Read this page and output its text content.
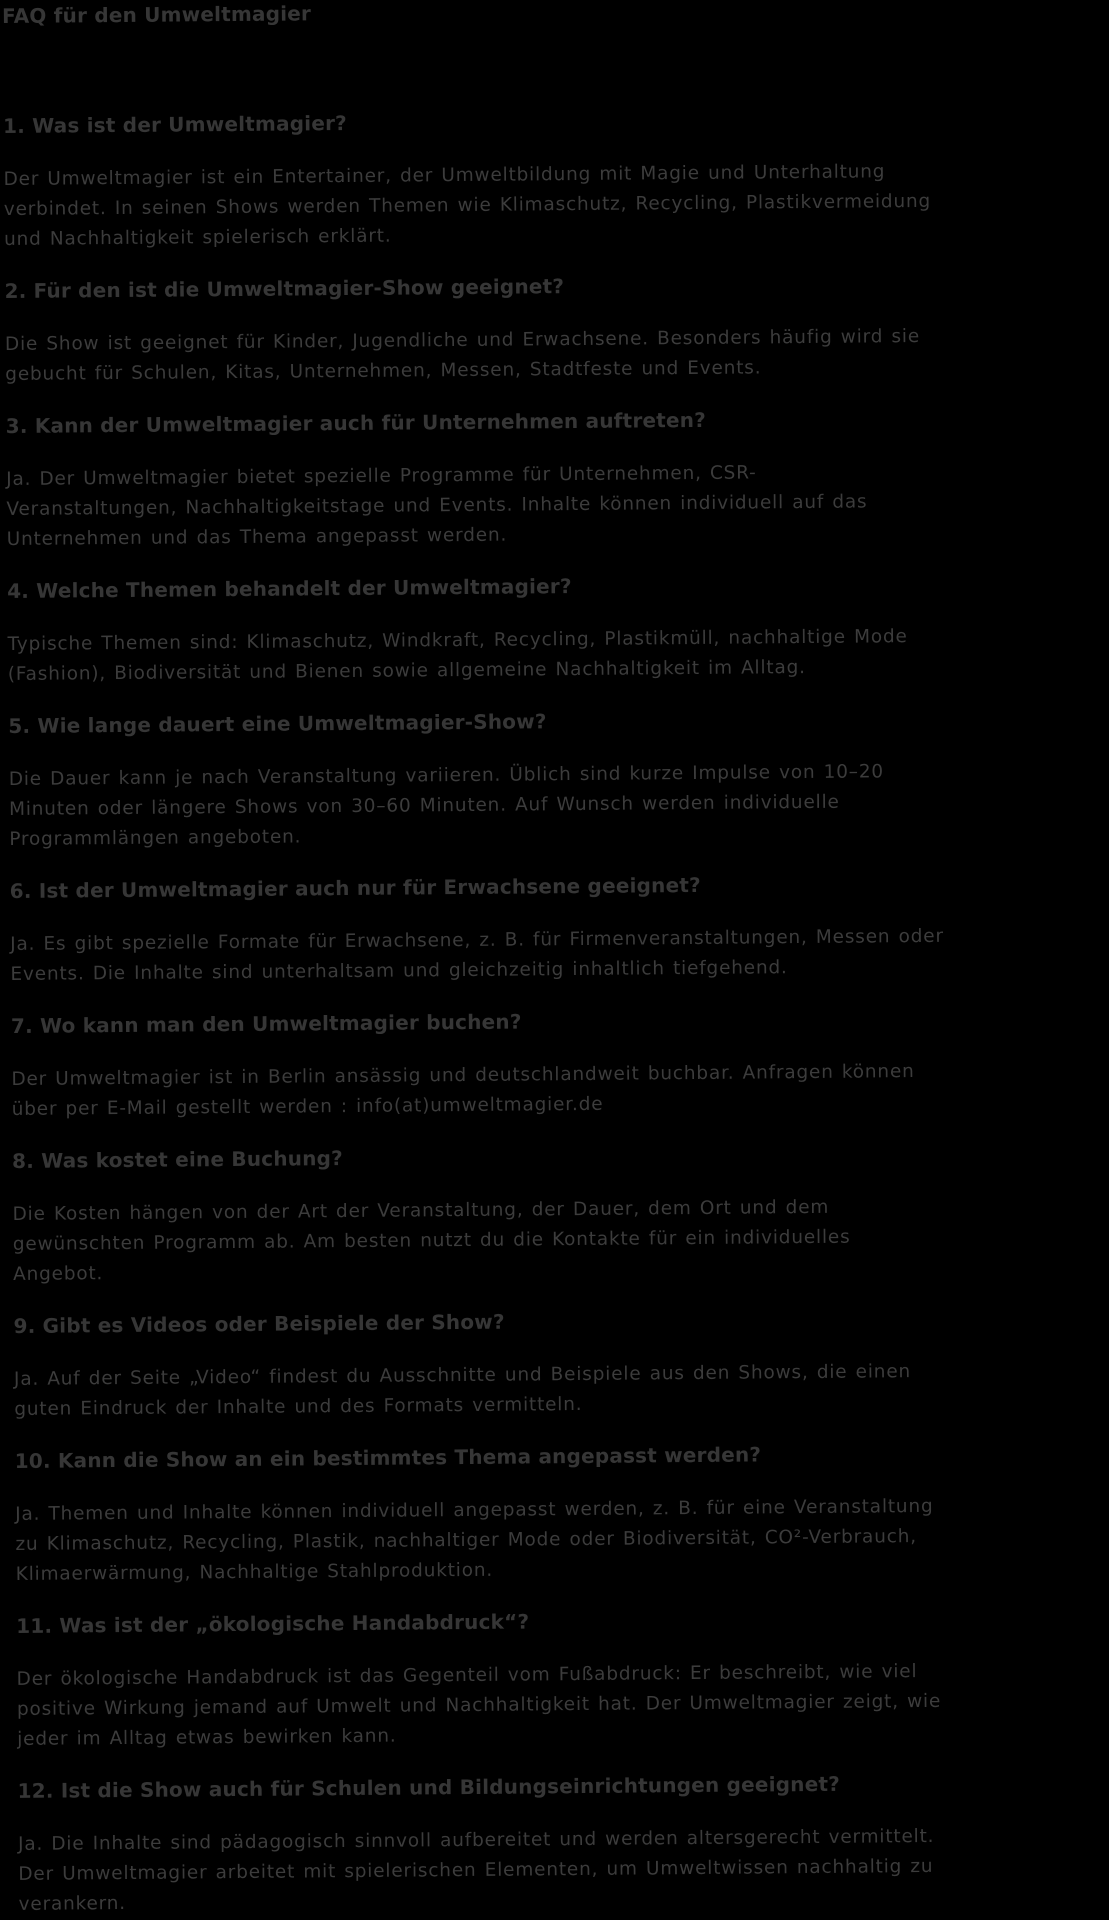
FAQ für den Umweltmagier
1. Was ist der Umweltmagier?
Der Umweltmagier ist ein Entertainer, der Umweltbildung mit Magie und Unterhaltung
verbindet. In seinen Shows werden Themen wie Klimaschutz, Recycling, Plastikvermeidung
und Nachhaltigkeit spielerisch erklärt.
2. Für den ist die Umweltmagier-Show geeignet?
Die Show ist geeignet für Kinder, Jugendliche und Erwachsene. Besonders häufig wird sie
gebucht für Schulen, Kitas, Unternehmen, Messen, Stadtfeste und Events.
3. Kann der Umweltmagier auch für Unternehmen auftreten?
Ja. Der Umweltmagier bietet spezielle Programme für Unternehmen, CSR-
Veranstaltungen, Nachhaltigkeitstage und Events. Inhalte können individuell auf das
Unternehmen und das Thema angepasst werden.
4. Welche Themen behandelt der Umweltmagier?
Typische Themen sind: Klimaschutz, Windkraft, Recycling, Plastikmüll, nachhaltige Mode
(Fashion), Biodiversität und Bienen sowie allgemeine Nachhaltigkeit im Alltag.
5. Wie lange dauert eine Umweltmagier-Show?
Die Dauer kann je nach Veranstaltung variieren. Üblich sind kurze Impulse von 10–20
Minuten oder längere Shows von 30–60 Minuten. Auf Wunsch werden individuelle
Programmlängen angeboten.
6. Ist der Umweltmagier auch nur für Erwachsene geeignet?
Ja. Es gibt spezielle Formate für Erwachsene, z. B. für Firmenveranstaltungen, Messen oder
Events. Die Inhalte sind unterhaltsam und gleichzeitig inhaltlich tiefgehend.
7. Wo kann man den Umweltmagier buchen?
Der Umweltmagier ist in Berlin ansässig und deutschlandweit buchbar. Anfragen können
über per E-Mail gestellt werden : info(at)umweltmagier.de
8. Was kostet eine Buchung?
Die Kosten hängen von der Art der Veranstaltung, der Dauer, dem Ort und dem
gewünschten Programm ab. Am besten nutzt du die Kontakte für ein individuelles
Angebot.
9. Gibt es Videos oder Beispiele der Show?
Ja. Auf der Seite „Video“ findest du Ausschnitte und Beispiele aus den Shows, die einen
guten Eindruck der Inhalte und des Formats vermitteln.
10. Kann die Show an ein bestimmtes Thema angepasst werden?
Ja. Themen und Inhalte können individuell angepasst werden, z. B. für eine Veranstaltung
zu Klimaschutz, Recycling, Plastik, nachhaltiger Mode oder Biodiversität, CO²-Verbrauch,
Klimaerwärmung, Nachhaltige Stahlproduktion.
11. Was ist der „ökologische Handabdruck“?
Der ökologische Handabdruck ist das Gegenteil vom Fußabdruck: Er beschreibt, wie viel
positive Wirkung jemand auf Umwelt und Nachhaltigkeit hat. Der Umweltmagier zeigt, wie
jeder im Alltag etwas bewirken kann.
12. Ist die Show auch für Schulen und Bildungseinrichtungen geeignet?
Ja. Die Inhalte sind pädagogisch sinnvoll aufbereitet und werden altersgerecht vermittelt.
Der Umweltmagier arbeitet mit spielerischen Elementen, um Umweltwissen nachhaltig zu
verankern.
